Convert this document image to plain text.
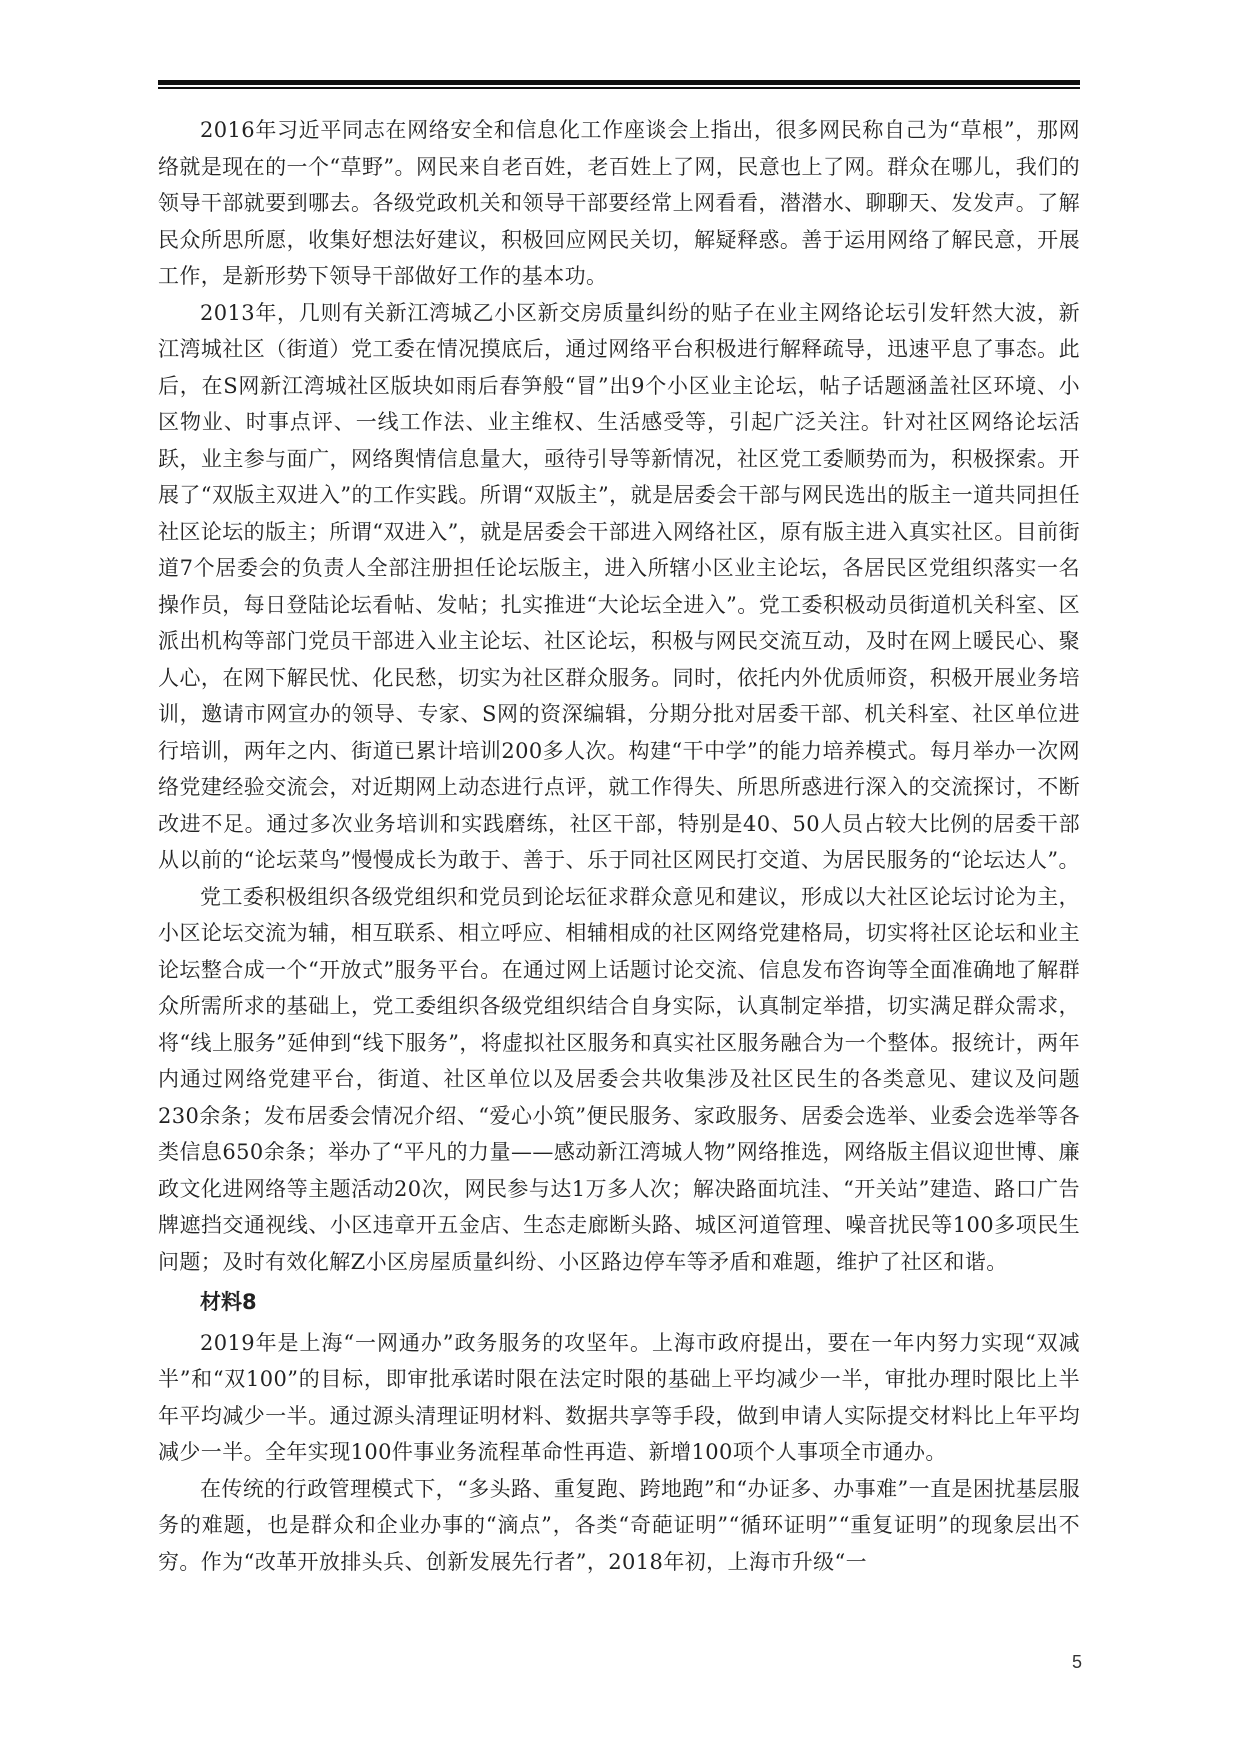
2016年习近平同志在网络安全和信息化工作座谈会上指出，很多网民称自己为“草根”，那网络就是现在的一个“草野”。网民来自老百姓，老百姓上了网，民意也上了网。群众在哪儿，我们的领导干部就要到哪去。各级党政机关和领导干部要经常上网看看，潜潜水、聊聊天、发发声。了解民众所思所愿，收集好想法好建议，积极回应网民关切，解疑释惑。善于运用网络了解民意，开展工作，是新形势下领导干部做好工作的基本功。

2013年，几则有关新江湾城乙小区新交房质量纠纷的贴子在业主网络论坛引发轩然大波，新江湾城社区（街道）党工委在情况摸底后，通过网络平台积极进行解释疏导，迅速平息了事态。此后，在S网新江湾城社区版块如雨后春笋般“冒”出9个小区业主论坛，帖子话题涵盖社区环境、小区物业、时事点评、一线工作法、业主维权、生活感受等，引起广泛关注。针对社区网络论坛活跃，业主参与面广，网络舆情信息量大，亟待引导等新情况，社区党工委顺势而为，积极探索。开展了“双版主双进入”的工作实践。所谓“双版主”，就是居委会干部与网民选出的版主一道共同担任社区论坛的版主；所谓“双进入”，就是居委会干部进入网络社区，原有版主进入真实社区。目前街道7个居委会的负责人全部注册担任论坛版主，进入所辖小区业主论坛，各居民区党组织落实一名操作员，每日登陆论坛看帖、发帖；扎实推进“大论坛全进入”。党工委积极动员街道机关科室、区派出机构等部门党员干部进入业主论坛、社区论坛，积极与网民交流互动，及时在网上暖民心、聚人心，在网下解民忧、化民愁，切实为社区群众服务。同时，依托内外优质师资，积极开展业务培训，邀请市网宣办的领导、专家、S网的资深编辑，分期分批对居委干部、机关科室、社区单位进行培训，两年之内、街道已累计培训200多人次。构建“干中学”的能力培养模式。每月举办一次网络党建经验交流会，对近期网上动态进行点评，就工作得失、所思所惑进行深入的交流探讨，不断改进不足。通过多次业务培训和实践磨练，社区干部，特别是40、50人员占较大比例的居委干部从以前的“论坛菜鸟”慢慢成长为敢于、善于、乐于同社区网民打交道、为居民服务的“论坛达人”。

党工委积极组织各级党组织和党员到论坛征求群众意见和建议，形成以大社区论坛讨论为主，小区论坛交流为辅，相互联系、相立呼应、相辅相成的社区网络党建格局，切实将社区论坛和业主论坛整合成一个“开放式”服务平台。在通过网上话题讨论交流、信息发布咨询等全面准确地了解群众所需所求的基础上，党工委组织各级党组织结合自身实际，认真制定举措，切实满足群众需求，将“线上服务”延伸到“线下服务”，将虚拟社区服务和真实社区服务融合为一个整体。报统计，两年内通过网络党建平台，街道、社区单位以及居委会共收集涉及社区民生的各类意见、建议及问题230余条；发布居委会情况介绍、“爱心小筑”便民服务、家政服务、居委会选举、业委会选举等各类信息650余条；举办了“平凡的力量——感动新江湾城人物”网络推选，网络版主倡议迎世博、廉政文化进网络等主题活动20次，网民参与达1万多人次；解决路面坑洼、“开关站”建造、路口广告牌遮挡交通视线、小区违章开五金店、生态走廊断头路、城区河道管理、噪音扰民等100多项民生问题；及时有效化解Z小区房屋质量纠纷、小区路边停车等矛盾和难题，维护了社区和谐。

材料8

2019年是上海“一网通办”政务服务的攻坚年。上海市政府提出，要在一年内努力实现“双减半”和“双100”的目标，即审批承诺时限在法定时限的基础上平均减少一半，审批办理时限比上半年平均减少一半。通过源头清理证明材料、数据共享等手段，做到申请人实际提交材料比上年平均减少一半。全年实现100件事业务流程革命性再造、新增100项个人事项全市通办。

在传统的行政管理模式下，“多头路、重复跑、跨地跑”和“办证多、办事难”一直是困扰基层服务的难题，也是群众和企业办事的“滴点”，各类“奇葩证明”“循环证明”“重复证明”的现象层出不穷。作为“改革开放排头兵、创新发展先行者”，2018年初，上海市升级“一

5
